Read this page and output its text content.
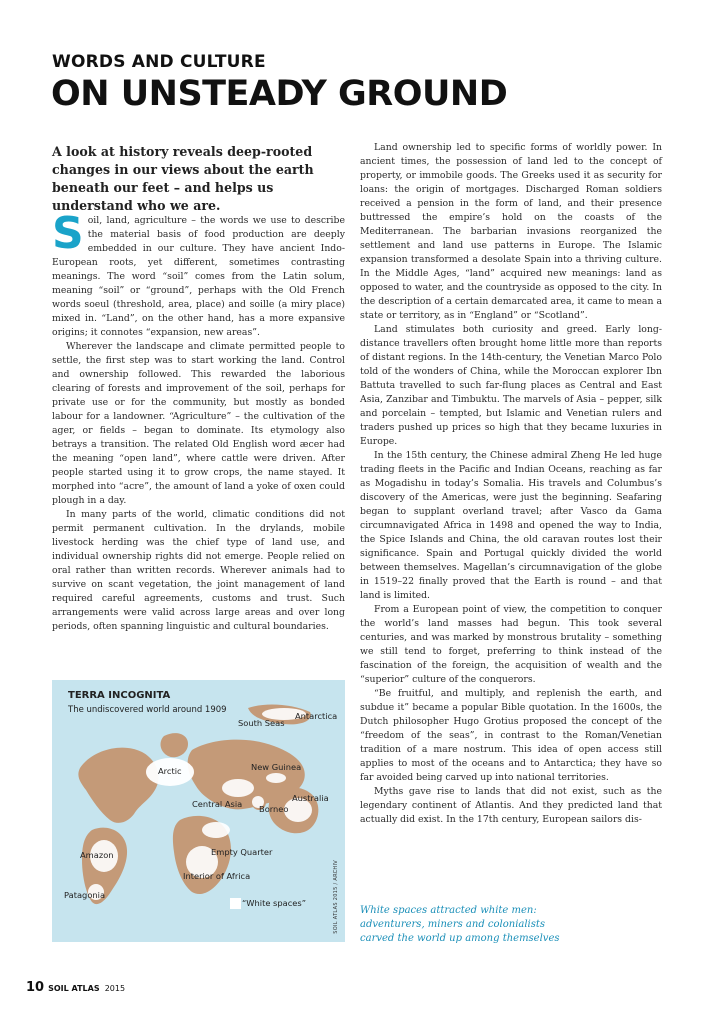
WORDS AND CULTURE
ON UNSTEADY GROUND

A look at history reveals deep-rooted changes in our views about the earth beneath our feet – and helps us understand who we are.

Soil, land, agriculture – the words we use to describe the material basis of food production are deeply embedded in our culture. They have ancient Indo-European roots, yet different, sometimes contrasting meanings. The word “soil” comes from the Latin solum, meaning “soil” or “ground”, perhaps with the Old French words soeul (threshold, area, place) and soille (a miry place) mixed in. “Land”, on the other hand, has a more expansive origins; it connotes “expansion, new areas”.

Wherever the landscape and climate permitted people to settle, the first step was to start working the land. Control and ownership followed. This rewarded the laborious clearing of forests and improvement of the soil, perhaps for private use or for the community, but mostly as bonded labour for a landowner. “Agriculture” – the cultivation of the ager, or fields – began to dominate. Its etymology also betrays a transition. The related Old English word æcer had the meaning “open land”, where cattle were driven. After people started using it to grow crops, the name stayed. It morphed into “acre”, the amount of land a yoke of oxen could plough in a day.

In many parts of the world, climatic conditions did not permit permanent cultivation. In the drylands, mobile livestock herding was the chief type of land use, and individual ownership rights did not emerge. People relied on oral rather than written records. Wherever animals had to survive on scant vegetation, the joint management of land required careful agreements, customs and trust. Such arrangements were valid across large areas and over long periods, often spanning linguistic and cultural boundaries.

TERRA INCOGNITA
The undiscovered world around 1909
South Seas
Antarctica
Arctic	New Guinea
Central Asia Borneo
Australia
Amazon	Empty Quarter
Interior of Africa
Patagonia
“White spaces”	SOIL ATLAS 2015 / ARCHIV

Land ownership led to specific forms of worldly power. In ancient times, the possession of land led to the concept of property, or immobile goods. The Greeks used it as security for loans: the origin of mortgages. Discharged Roman soldiers received a pension in the form of land, and their presence buttressed the empire’s hold on the coasts of the Mediterranean. The barbarian invasions reorganized the settlement and land use patterns in Europe. The Islamic expansion transformed a desolate Spain into a thriving culture. In the Middle Ages, “land” acquired new meanings: land as opposed to water, and the countryside as opposed to the city. In the description of a certain demarcated area, it came to mean a state or territory, as in “England” or “Scotland”.

Land stimulates both curiosity and greed. Early long-distance travellers often brought home little more than reports of distant regions. In the 14th-century, the Venetian Marco Polo told of the wonders of China, while the Moroccan explorer Ibn Battuta travelled to such far-flung places as Central and East Asia, Zanzibar and Timbuktu. The marvels of Asia – pepper, silk and porcelain – tempted, but Islamic and Venetian rulers and traders pushed up prices so high that they became luxuries in Europe.

In the 15th century, the Chinese admiral Zheng He led huge trading fleets in the Pacific and Indian Oceans, reaching as far as Mogadishu in today’s Somalia. His travels and Columbus’s discovery of the Americas, were just the beginning. Seafaring began to supplant overland travel; after Vasco da Gama circumnavigated Africa in 1498 and opened the way to India, the Spice Islands and China, the old caravan routes lost their significance. Spain and Portugal quickly divided the world between themselves. Magellan’s circumnavigation of the globe in 1519–22 finally proved that the Earth is round – and that land is limited.

From a European point of view, the competition to conquer the world’s land masses had begun. This took several centuries, and was marked by monstrous brutality – something we still tend to forget, preferring to think instead of the fascination of the foreign, the acquisition of wealth and the “superior” culture of the conquerors.

“Be fruitful, and multiply, and replenish the earth, and subdue it” became a popular Bible quotation. In the 1600s, the Dutch philosopher Hugo Grotius proposed the concept of the “freedom of the seas”, in contrast to the Roman/Venetian tradition of a mare nostrum. This idea of open access still applies to most of the oceans and to Antarctica; they have so far avoided being carved up into national territories.

Myths gave rise to lands that did not exist, such as the legendary continent of Atlantis. And they predicted land that actually did exist. In the 17th century, European sailors dis-

White spaces attracted white men: adventurers, miners and colonialists carved the world up among themselves
10 SOIL ATLAS 2015
